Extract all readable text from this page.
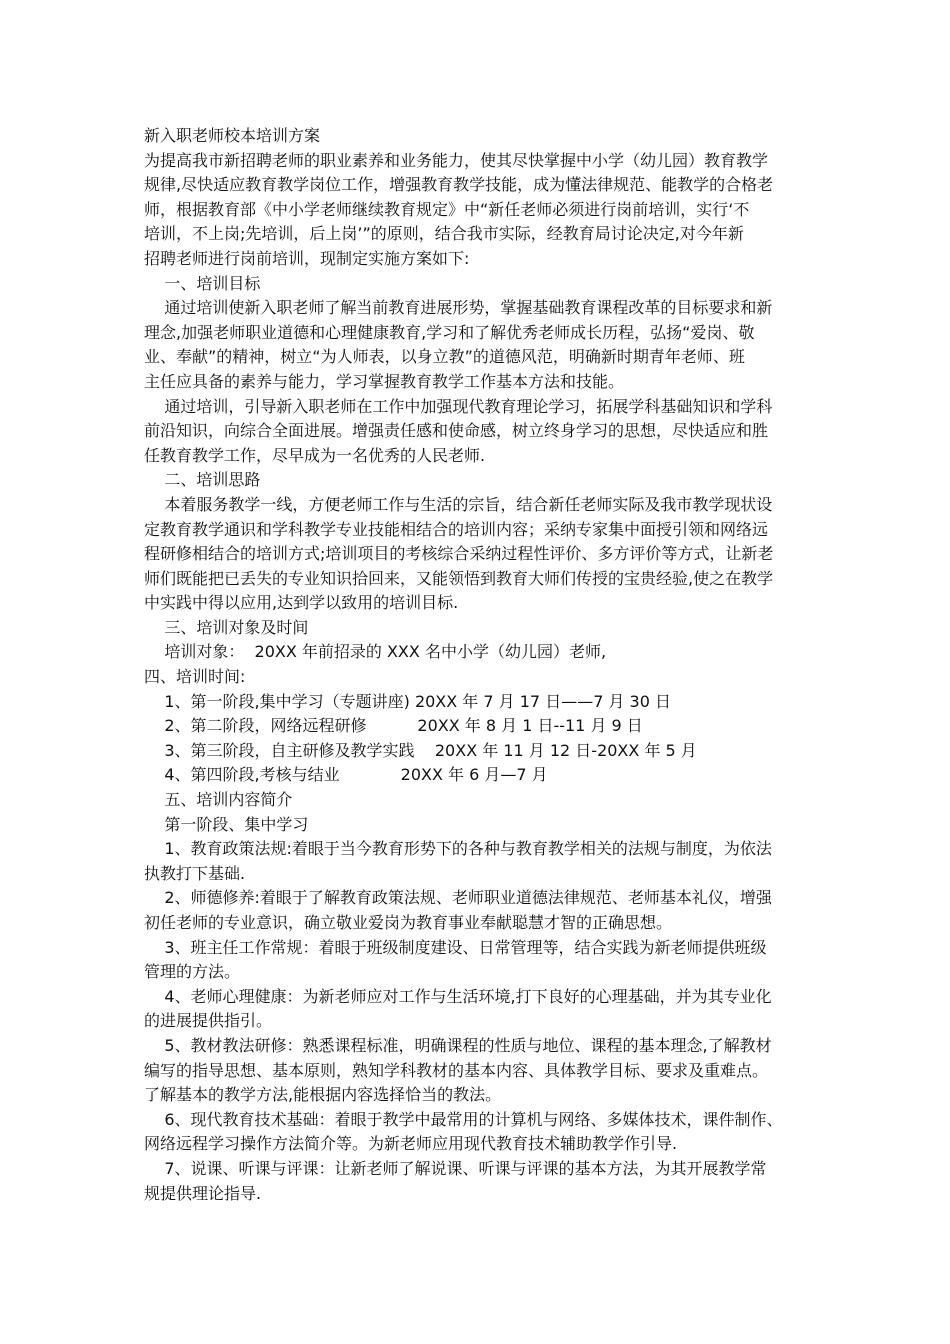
新入职老师校本培训方案
为提高我市新招聘老师的职业素养和业务能力，使其尽快掌握中小学（幼儿园）教育教学
规律,尽快适应教育教学岗位工作，增强教育教学技能，成为懂法律规范、能教学的合格老
师，根据教育部《中小学老师继续教育规定》中“新任老师必须进行岗前培训，实行‘不
培训，不上岗;先培训，后上岗’”的原则，结合我市实际，经教育局讨论决定,对今年新
招聘老师进行岗前培训，现制定实施方案如下:
一、培训目标
通过培训使新入职老师了解当前教育进展形势，掌握基础教育课程改革的目标要求和新
理念,加强老师职业道德和心理健康教育,学习和了解优秀老师成长历程，弘扬“爱岗、敬
业、奉献”的精神，树立“为人师表，以身立教”的道德风范，明确新时期青年老师、班
主任应具备的素养与能力，学习掌握教育教学工作基本方法和技能。
通过培训，引导新入职老师在工作中加强现代教育理论学习，拓展学科基础知识和学科
前沿知识，向综合全面进展。增强责任感和使命感，树立终身学习的思想，尽快适应和胜
任教育教学工作，尽早成为一名优秀的人民老师.
二、培训思路
本着服务教学一线，方便老师工作与生活的宗旨，结合新任老师实际及我市教学现状设
定教育教学通识和学科教学专业技能相结合的培训内容；采纳专家集中面授引领和网络远
程研修相结合的培训方式;培训项目的考核综合采纳过程性评价、多方评价等方式，让新老
师们既能把已丢失的专业知识拾回来，又能领悟到教育大师们传授的宝贵经验,使之在教学
中实践中得以应用,达到学以致用的培训目标.
三、培训对象及时间
培训对象：  20XX 年前招录的 XXX 名中小学（幼儿园）老师,
四、培训时间:
1、第一阶段,集中学习（专题讲座) 20XX 年 7 月 17 日——7 月 30 日
2、第二阶段，网络远程研修          20XX 年 8 月 1 日--11 月 9 日
3、第三阶段，自主研修及教学实践    20XX 年 11 月 12 日-20XX 年 5 月
4、第四阶段,考核与结业            20XX 年 6 月—7 月
五、培训内容简介
第一阶段、集中学习
1、教育政策法规:着眼于当今教育形势下的各种与教育教学相关的法规与制度，为依法
执教打下基础.
2、师德修养:着眼于了解教育政策法规、老师职业道德法律规范、老师基本礼仪，增强
初任老师的专业意识，确立敬业爱岗为教育事业奉献聪慧才智的正确思想。
3、班主任工作常规：着眼于班级制度建设、日常管理等，结合实践为新老师提供班级
管理的方法。
4、老师心理健康：为新老师应对工作与生活环境,打下良好的心理基础，并为其专业化
的进展提供指引。
5、教材教法研修：熟悉课程标准，明确课程的性质与地位、课程的基本理念,了解教材
编写的指导思想、基本原则，熟知学科教材的基本内容、具体教学目标、要求及重难点。
了解基本的教学方法,能根据内容选择恰当的教法。
6、现代教育技术基础：着眼于教学中最常用的计算机与网络、多媒体技术，课件制作、
网络远程学习操作方法简介等。为新老师应用现代教育技术辅助教学作引导.
7、说课、听课与评课：让新老师了解说课、听课与评课的基本方法，为其开展教学常
规提供理论指导.
